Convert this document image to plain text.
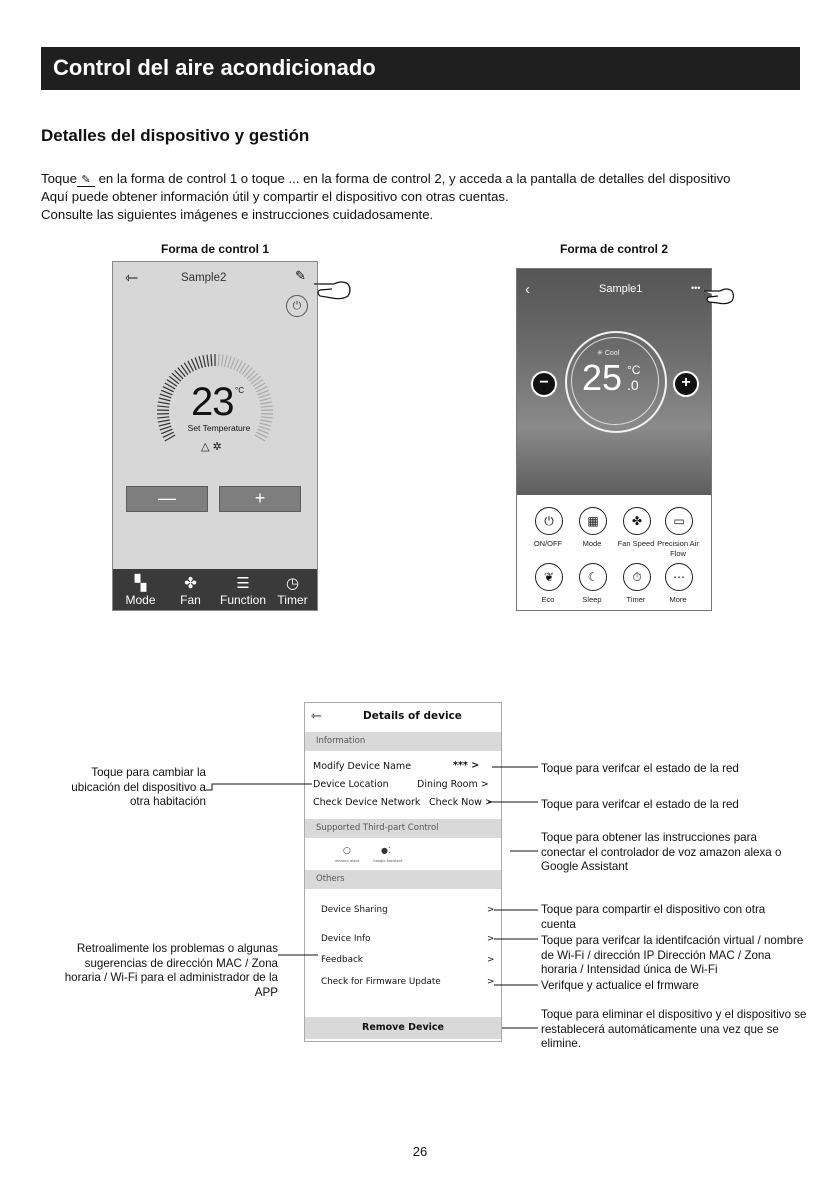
Control del aire acondicionado
Detalles del dispositivo y gestión
Toque ✎ en la forma de control 1 o toque ... en la forma de control 2, y acceda a la pantalla de detalles del dispositivo
Aquí puede obtener información útil y compartir el dispositivo con otras cuentas.
Consulte las siguientes imágenes e instrucciones cuidadosamente.
Forma de control 1	Forma de control 2
⇽	Sample2	✎
⏻
23 °C
Set Temperature
△ ✲
—	+
▚
Mode
✤
Fan
☰
Function
◷
Timer
‹	Sample1	•••
✳ Cool
25 °C
.0
−	+
⏻
ON/OFF
▦
Mode
✤
Fan Speed
▭
Precision Air Flow
❦
Eco
☾
Sleep
⏱
Timer
⋯
More
⇽	Details of device
Information
Modify Device Name	*** >
Device Location	Dining Room >
Check Device Network Check Now >
Supported Third-part Control
○
amazon alexa
●⁚
Google Assistant
Others
Device Sharing	>
Device Info	>
Feedback	>
Check for Firmware Update	>
Remove Device
Toque para cambiar la ubicación del dispositivo a otra habitación
Retroalimente los problemas o algunas sugerencias de dirección MAC / Zona horaria / Wi-Fi para el administrador de la APP
Toque para verifcar el estado de la red
Toque para verifcar el estado de la red
Toque para obtener las instrucciones para conectar el controlador de voz amazon alexa o Google Assistant
Toque para compartir el dispositivo con otra cuenta
Toque para verifcar la identifcación virtual / nombre de Wi-Fi / dirección IP Dirección MAC / Zona horaria / Intensidad única de Wi-Fi
Verifque y actualice el frmware
Toque para eliminar el dispositivo y el dispositivo se restablecerá automáticamente una vez que se elimine.
26
